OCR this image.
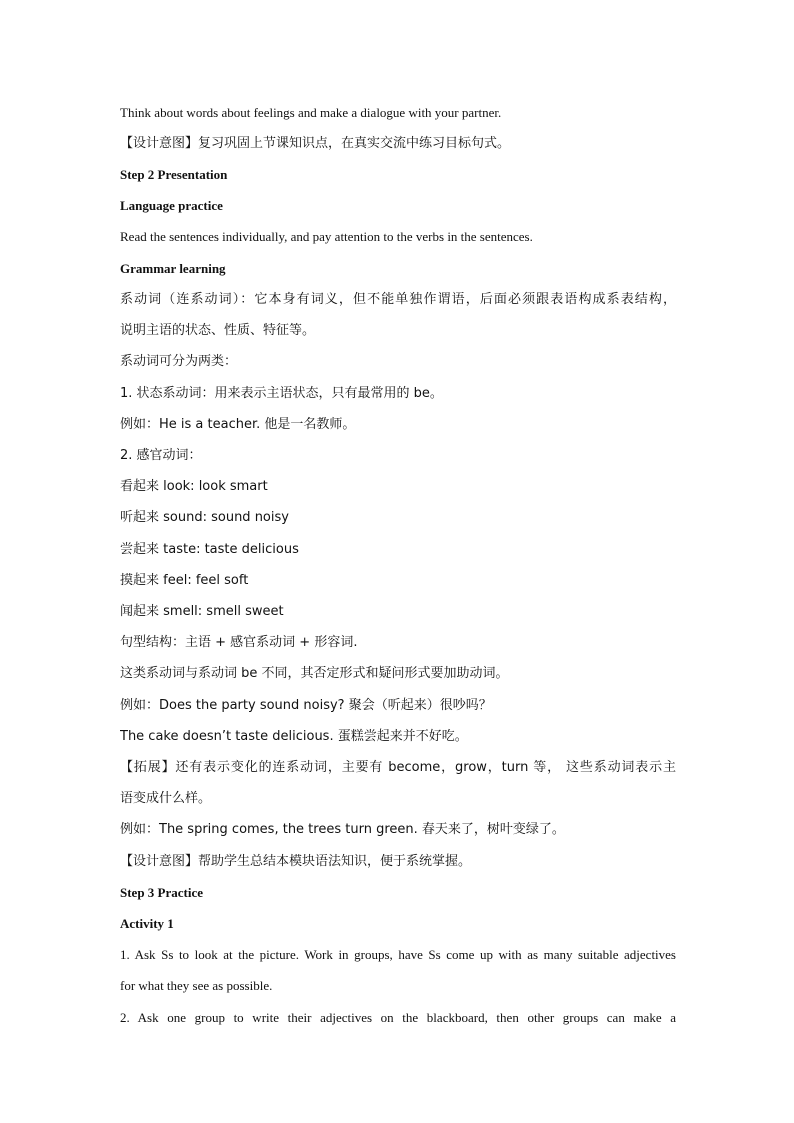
Think about words about feelings and make a dialogue with your partner.
【设计意图】复习巩固上节课知识点，在真实交流中练习目标句式。
Step 2 Presentation
Language practice
Read the sentences individually, and pay attention to the verbs in the sentences.
Grammar learning
系动词（连系动词）：它本身有词义，但不能单独作谓语，后面必须跟表语构成系表结构，
说明主语的状态、性质、特征等。
系动词可分为两类：
1. 状态系动词：用来表示主语状态，只有最常用的 be。
例如：He is a teacher. 他是一名教师。
2. 感官动词：
看起来 look: look smart
听起来 sound: sound noisy
尝起来 taste: taste delicious
摸起来 feel: feel soft
闻起来 smell: smell sweet
句型结构：主语 + 感官系动词 + 形容词.
这类系动词与系动词 be 不同，其否定形式和疑问形式要加助动词。
例如：Does the party sound noisy? 聚会（听起来）很吵吗？
The cake doesn’t taste delicious. 蛋糕尝起来并不好吃。
【拓展】还有表示变化的连系动词，主要有 become，grow，turn 等， 这些系动词表示主
语变成什么样。
例如：The spring comes, the trees turn green. 春天来了，树叶变绿了。
【设计意图】帮助学生总结本模块语法知识，便于系统掌握。
Step 3 Practice
Activity 1
1. Ask Ss to look at the picture. Work in groups, have Ss come up with as many suitable adjectives
for what they see as possible.
2. Ask one group to write their adjectives on the blackboard, then other groups can make a
